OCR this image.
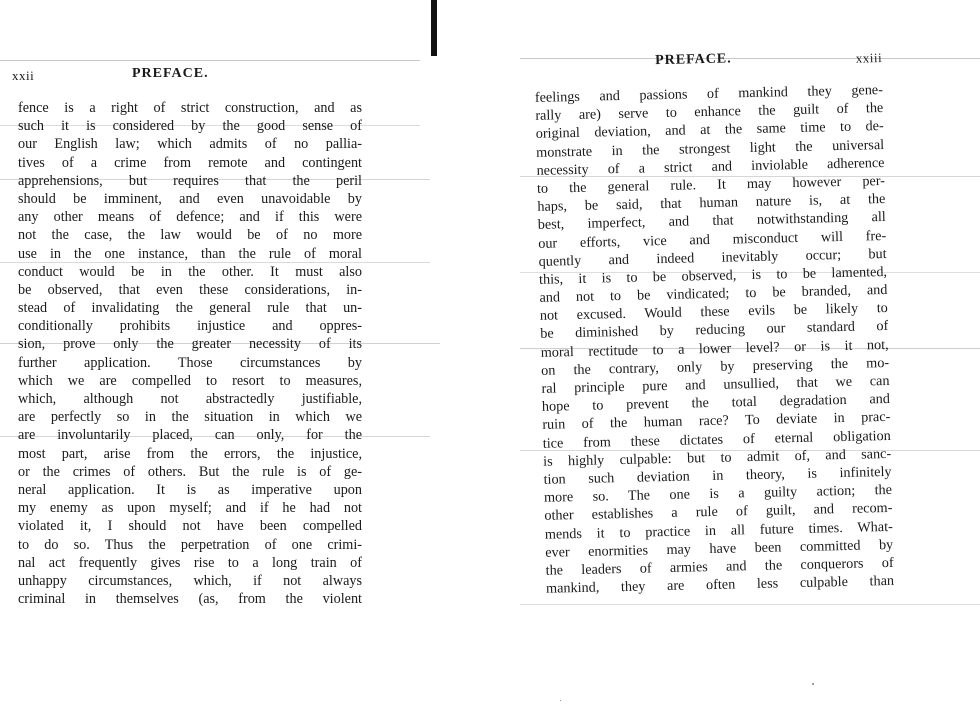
xxii	PREFACE.
fence is a right of strict construction, and as
such it is considered by the good sense of
our English law; which admits of no pallia-
tives of a crime from remote and contingent
apprehensions, but requires that the peril
should be imminent, and even unavoidable by
any other means of defence; and if this were
not the case, the law would be of no more
use in the one instance, than the rule of moral
conduct would be in the other. It must also
be observed, that even these considerations, in-
stead of invalidating the general rule that un-
conditionally prohibits injustice and oppres-
sion, prove only the greater necessity of its
further application. Those circumstances by
which we are compelled to resort to measures,
which, although not abstractedly justifiable,
are perfectly so in the situation in which we
are involuntarily placed, can only, for the
most part, arise from the errors, the injustice,
or the crimes of others. But the rule is of ge-
neral application. It is as imperative upon
my enemy as upon myself; and if he had not
violated it, I should not have been compelled
to do so. Thus the perpetration of one crimi-
nal act frequently gives rise to a long train of
unhappy circumstances, which, if not always
criminal in themselves (as, from the violent
PREFACE.	xxiii
feelings and passions of mankind they gene-
rally are) serve to enhance the guilt of the
original deviation, and at the same time to de-
monstrate in the strongest light the universal
necessity of a strict and inviolable adherence
to the general rule. It may however per-
haps, be said, that human nature is, at the
best, imperfect, and that notwithstanding all
our efforts, vice and misconduct will fre-
quently and indeed inevitably occur; but
this, it is to be observed, is to be lamented,
and not to be vindicated; to be branded, and
not excused. Would these evils be likely to
be diminished by reducing our standard of
moral rectitude to a lower level? or is it not,
on the contrary, only by preserving the mo-
ral principle pure and unsullied, that we can
hope to prevent the total degradation and
ruin of the human race? To deviate in prac-
tice from these dictates of eternal obligation
is highly culpable: but to admit of, and sanc-
tion such deviation in theory, is infinitely
more so. The one is a guilty action; the
other establishes a rule of guilt, and recom-
mends it to practice in all future times. What-
ever enormities may have been committed by
the leaders of armies and the conquerors of
mankind, they are often less culpable than
